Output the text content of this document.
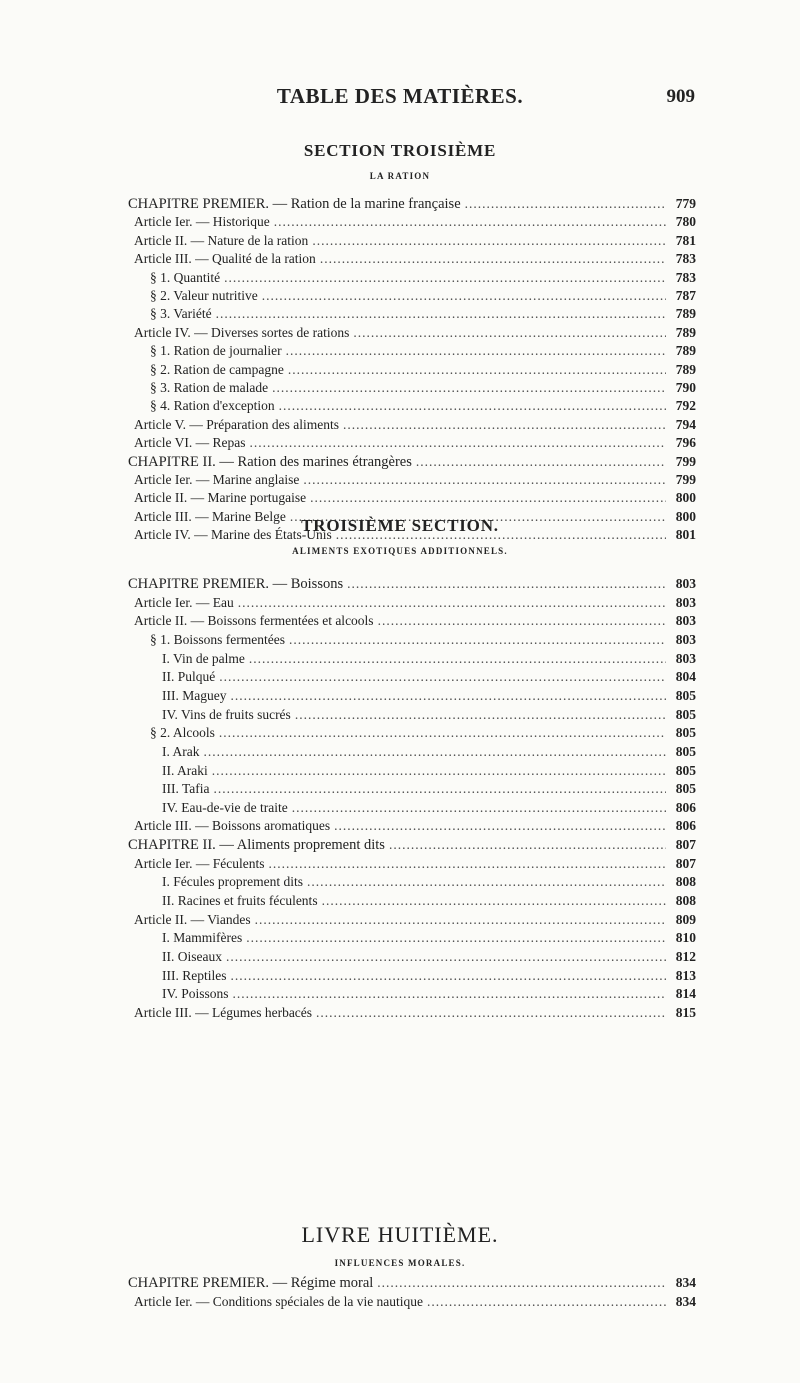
TABLE DES MATIÈRES.	909
SECTION TROISIÈME
LA RATION
CHAPITRE PREMIER. — Ration de la marine française .....	779
Article Ier. — Historique .....	780
Article II. — Nature de la ration .....	781
Article III. — Qualité de la ration .....	783
§ 1. Quantité .....	783
§ 2. Valeur nutritive .....	787
§ 3. Variété .....	789
Article IV. — Diverses sortes de rations .....	789
§ 1. Ration de journalier .....	789
§ 2. Ration de campagne .....	789
§ 3. Ration de malade .....	790
§ 4. Ration d'exception .....	792
Article V. — Préparation des aliments .....	794
Article VI. — Repas .....	796
CHAPITRE II. — Ration des marines étrangères .....	799
Article Ier. — Marine anglaise .....	799
Article II. — Marine portugaise .....	800
Article III. — Marine Belge .....	800
Article IV. — Marine des États-Unis .....	801
TROISIÈME SECTION.
ALIMENTS EXOTIQUES ADDITIONNELS.
CHAPITRE PREMIER. — Boissons .....	803
Article Ier. — Eau .....	803
Article II. — Boissons fermentées et alcools .....	803
§ 1. Boissons fermentées .....	803
I. Vin de palme .....	803
II. Pulqué .....	804
III. Maguey .....	805
IV. Vins de fruits sucrés .....	805
§ 2. Alcools .....	805
I. Arak .....	805
II. Araki .....	805
III. Tafia .....	805
IV. Eau-de-vie de traite .....	806
Article III. — Boissons aromatiques .....	806
CHAPITRE II. — Aliments proprement dits .....	807
Article Ier. — Féculents .....	807
I. Fécules proprement dits .....	808
II. Racines et fruits féculents .....	808
Article II. — Viandes .....	809
I. Mammifères .....	810
II. Oiseaux .....	812
III. Reptiles .....	813
IV. Poissons .....	814
Article III. — Légumes herbacés .....	815
LIVRE HUITIÈME.
INFLUENCES MORALES.
CHAPITRE PREMIER. — Régime moral .....	834
Article Ier. — Conditions spéciales de la vie nautique .....	834
